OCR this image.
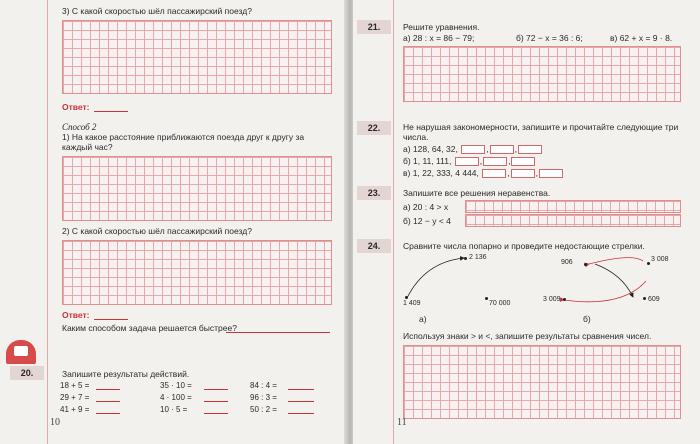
3) С какой скоростью шёл пассажирский поезд?
Ответ:
Способ 2
1) На какое расстояние приближаются поезда друг к другу за каждый час?
2) С какой скоростью шёл пассажирский поезд?
Ответ:
Каким способом задача решается быстрее?
20.	Запишите результаты действий.
18 + 5 =	35 · 10 =	84 : 4 =
29 + 7 =	4 · 100 =	96 : 3 =
41 + 9 =	10 · 5 =	50 : 2 =
10
21.	Решите уравнения.
а) 28 : x = 86 − 79;	б) 72 − x = 36 : 6;	в) 62 + x = 9 · 8.
22.	Не нарушая закономерности, запишите и прочитайте следующие три числа.
а) 128, 64, 32,	,	,
б) 1, 11, 111,	,	,
в) 1, 22, 333, 4 444,	,	,
23.	Запишите все решения неравенства.
а) 20 : 4 > x
б) 12 − y < 4
24.	Сравните числа попарно и проведите недостающие стрелки.
2 136
1 409	70 000
906	3 008
3 009	609
а)	б)
Используя знаки > и <, запишите результаты сравнения чисел.
11
